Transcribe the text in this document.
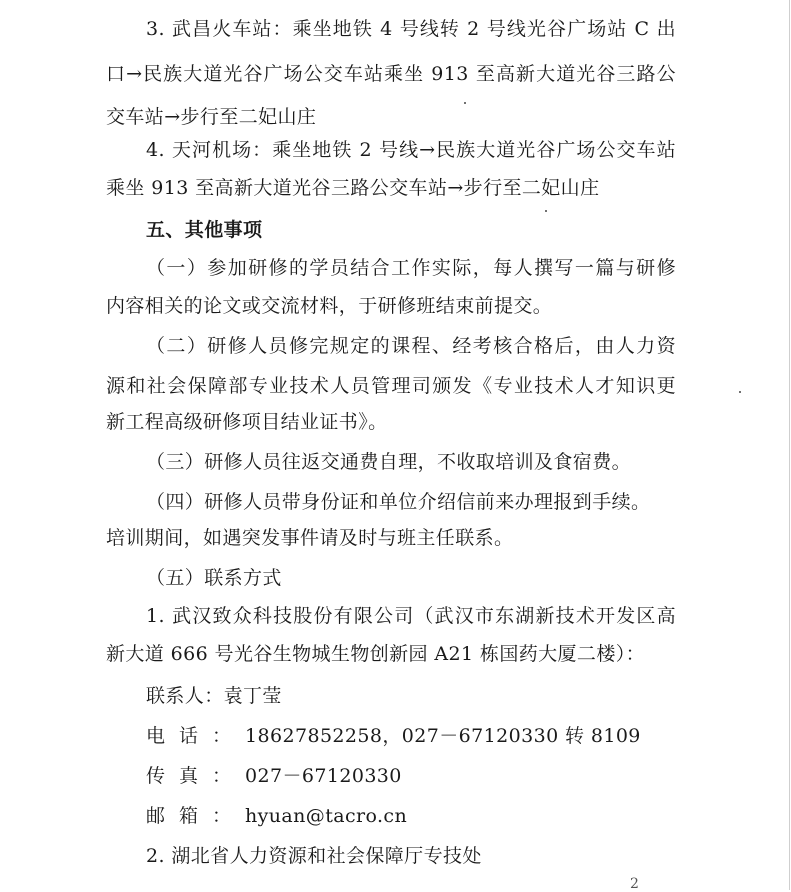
3. 武昌火车站：乘坐地铁 4 号线转 2 号线光谷广场站 C 出
口→民族大道光谷广场公交车站乘坐 913 至高新大道光谷三路公
交车站→步行至二妃山庄
4. 天河机场：乘坐地铁 2 号线→民族大道光谷广场公交车站
乘坐 913 至高新大道光谷三路公交车站→步行至二妃山庄
五、其他事项
（一）参加研修的学员结合工作实际，每人撰写一篇与研修
内容相关的论文或交流材料，于研修班结束前提交。
（二）研修人员修完规定的课程、经考核合格后，由人力资
源和社会保障部专业技术人员管理司颁发《专业技术人才知识更
新工程高级研修项目结业证书》。
（三）研修人员往返交通费自理，不收取培训及食宿费。
（四）研修人员带身份证和单位介绍信前来办理报到手续。
培训期间，如遇突发事件请及时与班主任联系。
（五）联系方式
1. 武汉致众科技股份有限公司（武汉市东湖新技术开发区高
新大道 666 号光谷生物城生物创新园 A21 栋国药大厦二楼）：
联系人：袁丁莹
电话：18627852258，027－67120330 转 8109
传真：027－67120330
邮箱：hyuan@tacro.cn
2. 湖北省人力资源和社会保障厅专技处
2
